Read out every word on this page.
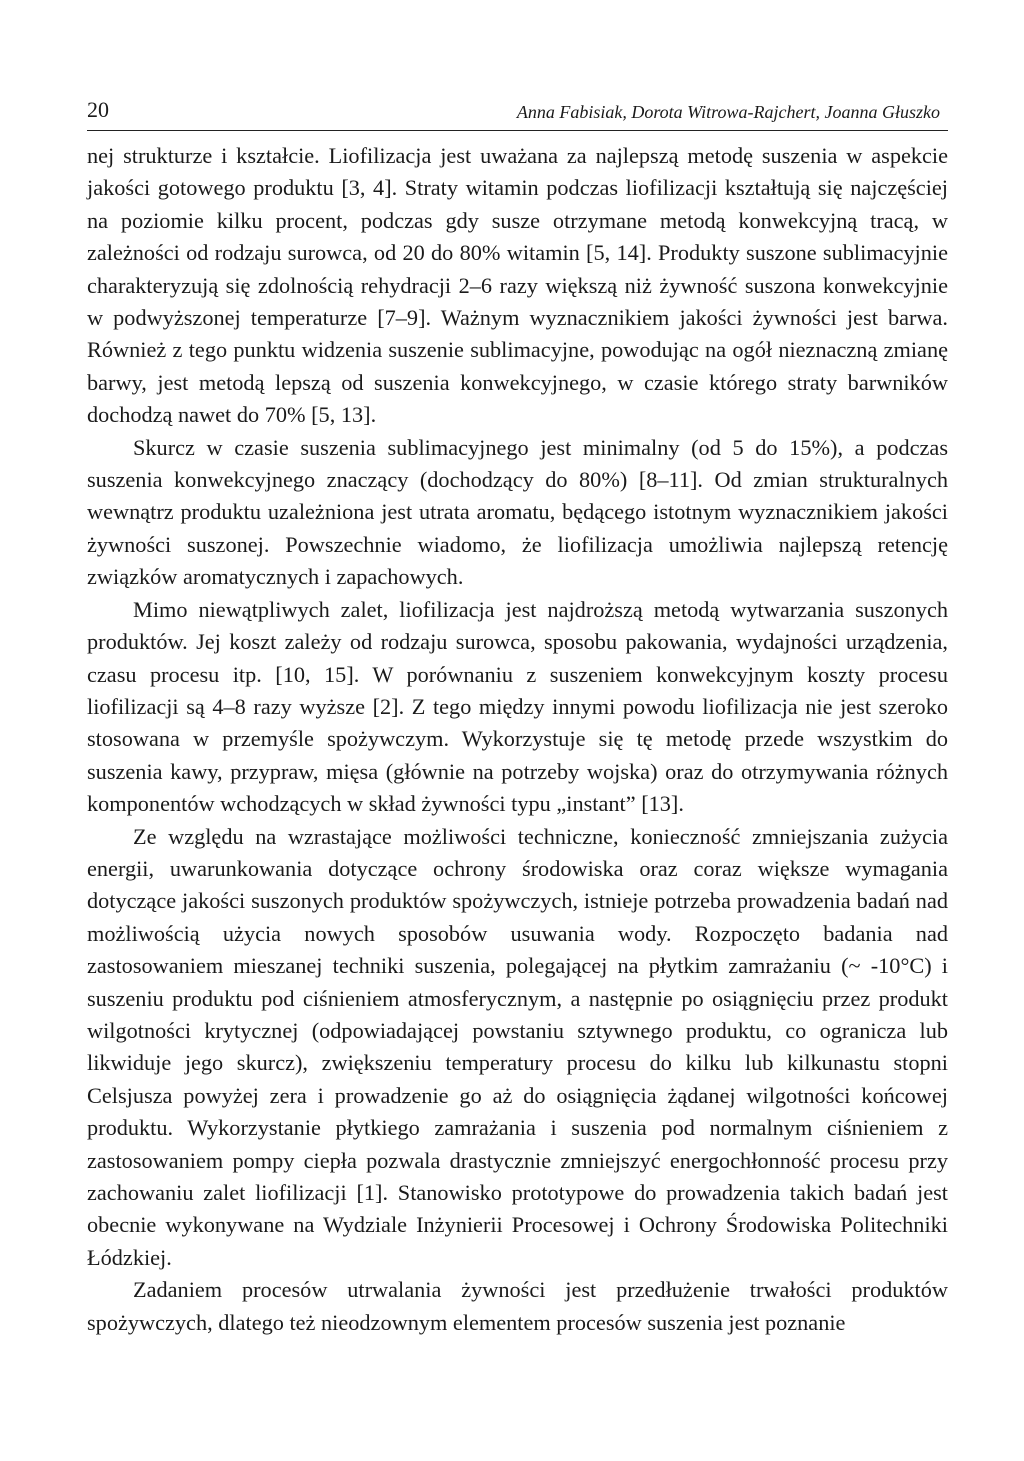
20	Anna Fabisiak, Dorota Witrowa-Rajchert, Joanna Głuszko

nej strukturze i kształcie. Liofilizacja jest uważana za najlepszą metodę suszenia w aspekcie jakości gotowego produktu [3, 4]. Straty witamin podczas liofilizacji kształtują się najczęściej na poziomie kilku procent, podczas gdy susze otrzymane metodą konwekcyjną tracą, w zależności od rodzaju surowca, od 20 do 80% witamin [5, 14]. Produkty suszone sublimacyjnie charakteryzują się zdolnością rehydracji 2–6 razy większą niż żywność suszona konwekcyjnie w podwyższonej temperaturze [7–9]. Ważnym wyznacznikiem jakości żywności jest barwa. Również z tego punktu widzenia suszenie sublimacyjne, powodując na ogół nieznaczną zmianę barwy, jest metodą lepszą od suszenia konwekcyjnego, w czasie którego straty barwników dochodzą nawet do 70% [5, 13].

Skurcz w czasie suszenia sublimacyjnego jest minimalny (od 5 do 15%), a podczas suszenia konwekcyjnego znaczący (dochodzący do 80%) [8–11]. Od zmian strukturalnych wewnątrz produktu uzależniona jest utrata aromatu, będącego istotnym wyznacznikiem jakości żywności suszonej. Powszechnie wiadomo, że liofilizacja umożliwia najlepszą retencję związków aromatycznych i zapachowych.

Mimo niewątpliwych zalet, liofilizacja jest najdroższą metodą wytwarzania suszonych produktów. Jej koszt zależy od rodzaju surowca, sposobu pakowania, wydajności urządzenia, czasu procesu itp. [10, 15]. W porównaniu z suszeniem konwekcyjnym koszty procesu liofilizacji są 4–8 razy wyższe [2]. Z tego między innymi powodu liofilizacja nie jest szeroko stosowana w przemyśle spożywczym. Wykorzystuje się tę metodę przede wszystkim do suszenia kawy, przypraw, mięsa (głównie na potrzeby wojska) oraz do otrzymywania różnych komponentów wchodzących w skład żywności typu „instant” [13].

Ze względu na wzrastające możliwości techniczne, konieczność zmniejszania zużycia energii, uwarunkowania dotyczące ochrony środowiska oraz coraz większe wymagania dotyczące jakości suszonych produktów spożywczych, istnieje potrzeba prowadzenia badań nad możliwością użycia nowych sposobów usuwania wody. Rozpoczęto badania nad zastosowaniem mieszanej techniki suszenia, polegającej na płytkim zamrażaniu (~ -10°C) i suszeniu produktu pod ciśnieniem atmosferycznym, a następnie po osiągnięciu przez produkt wilgotności krytycznej (odpowiadającej powstaniu sztywnego produktu, co ogranicza lub likwiduje jego skurcz), zwiększeniu temperatury procesu do kilku lub kilkunastu stopni Celsjusza powyżej zera i prowadzenie go aż do osiągnięcia żądanej wilgotności końcowej produktu. Wykorzystanie płytkiego zamrażania i suszenia pod normalnym ciśnieniem z zastosowaniem pompy ciepła pozwala drastycznie zmniejszyć energochłonność procesu przy zachowaniu zalet liofilizacji [1]. Stanowisko prototypowe do prowadzenia takich badań jest obecnie wykonywane na Wydziale Inżynierii Procesowej i Ochrony Środowiska Politechniki Łódzkiej.

Zadaniem procesów utrwalania żywności jest przedłużenie trwałości produktów spożywczych, dlatego też nieodzownym elementem procesów suszenia jest poznanie
